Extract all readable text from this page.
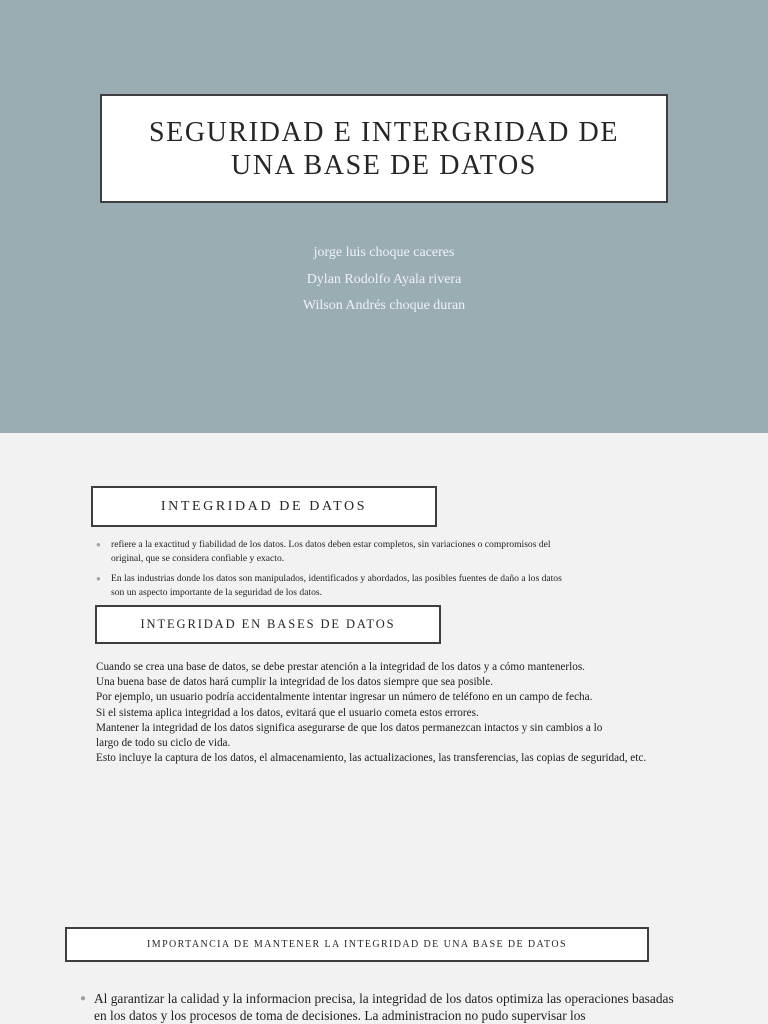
SEGURIDAD E INTERGRIDAD DE UNA BASE DE DATOS
jorge luis choque caceres
Dylan Rodolfo Ayala rivera
Wilson Andrés choque duran
INTEGRIDAD DE DATOS
● refiere a la exactitud y fiabilidad de los datos. Los datos deben estar completos, sin variaciones o compromisos del original, que se considera confiable y exacto.
● En las industrias donde los datos son manipulados, identificados y abordados, las posibles fuentes de daño a los datos son un aspecto importante de la seguridad de los datos.
INTEGRIDAD EN BASES DE DATOS
Cuando se crea una base de datos, se debe prestar atención a la integridad de los datos y a cómo mantenerlos.
Una buena base de datos hará cumplir la integridad de los datos siempre que sea posible.
Por ejemplo, un usuario podría accidentalmente intentar ingresar un número de teléfono en un campo de fecha.
Si el sistema aplica integridad a los datos, evitará que el usuario cometa estos errores.
Mantener la integridad de los datos significa asegurarse de que los datos permanezcan intactos y sin cambios a lo
largo de todo su ciclo de vida.
Esto incluye la captura de los datos, el almacenamiento, las actualizaciones, las transferencias, las copias de seguridad, etc.
IMPORTANCIA DE MANTENER LA INTEGRIDAD DE UNA BASE DE DATOS
● Al garantizar la calidad y la informacion precisa, la integridad de los datos optimiza las operaciones basadas en los datos y los procesos de toma de decisiones. La administracion no pudo supervisar los
